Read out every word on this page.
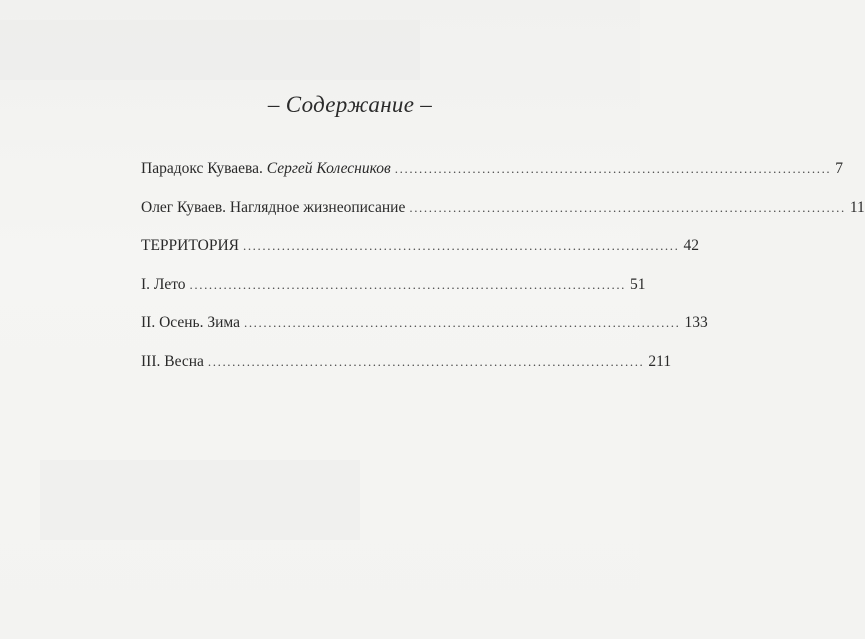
– Содержание –
Парадокс Куваева. Сергей Колесников .......................................................................................... 7
Олег Куваев. Наглядное жизнеописание .......................................................................................... 11
ТЕРРИТОРИЯ .......................................................................................... 42
I. Лето .......................................................................................... 51
II. Осень. Зима .......................................................................................... 133
III. Весна .......................................................................................... 211
